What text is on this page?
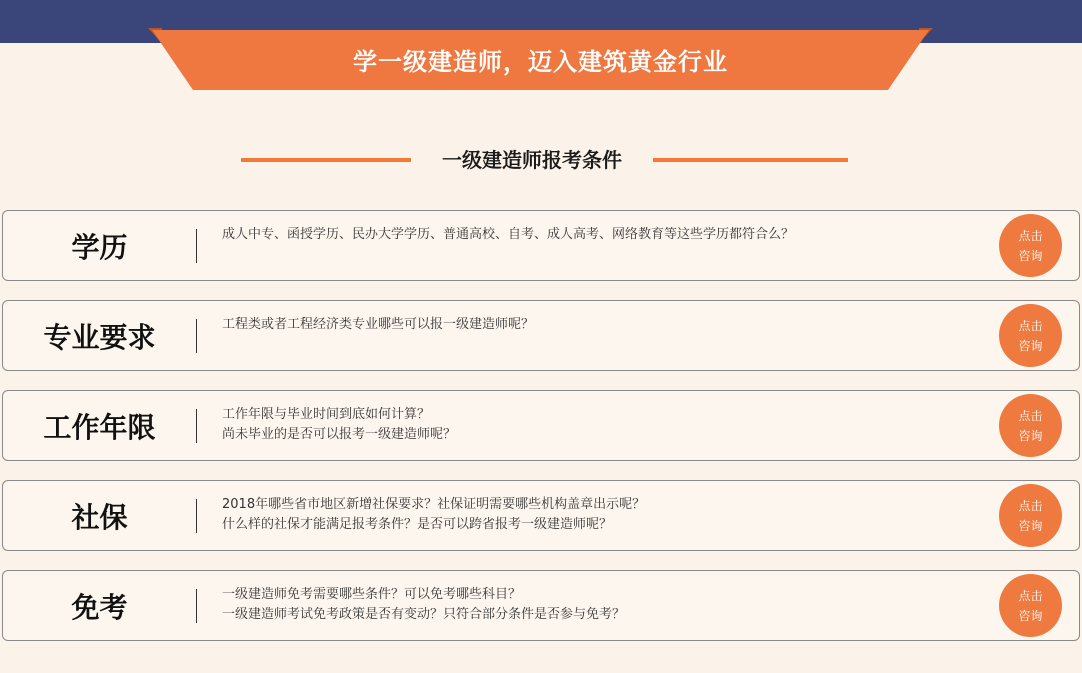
学一级建造师，迈入建筑黄金行业
一级建造师报考条件
学历	成人中专、函授学历、民办大学学历、普通高校、自考、成人高考、网络教育等这些学历都符合么？	点击
咨询
专业要求	工程类或者工程经济类专业哪些可以报一级建造师呢？	点击
咨询
工作年限	工作年限与毕业时间到底如何计算？
尚未毕业的是否可以报考一级建造师呢？
点击
咨询
社保	2018年哪些省市地区新增社保要求？社保证明需要哪些机构盖章出示呢？
什么样的社保才能满足报考条件？是否可以跨省报考一级建造师呢？
点击
咨询
免考	一级建造师免考需要哪些条件？可以免考哪些科目？
一级建造师考试免考政策是否有变动？只符合部分条件是否参与免考？
点击
咨询
